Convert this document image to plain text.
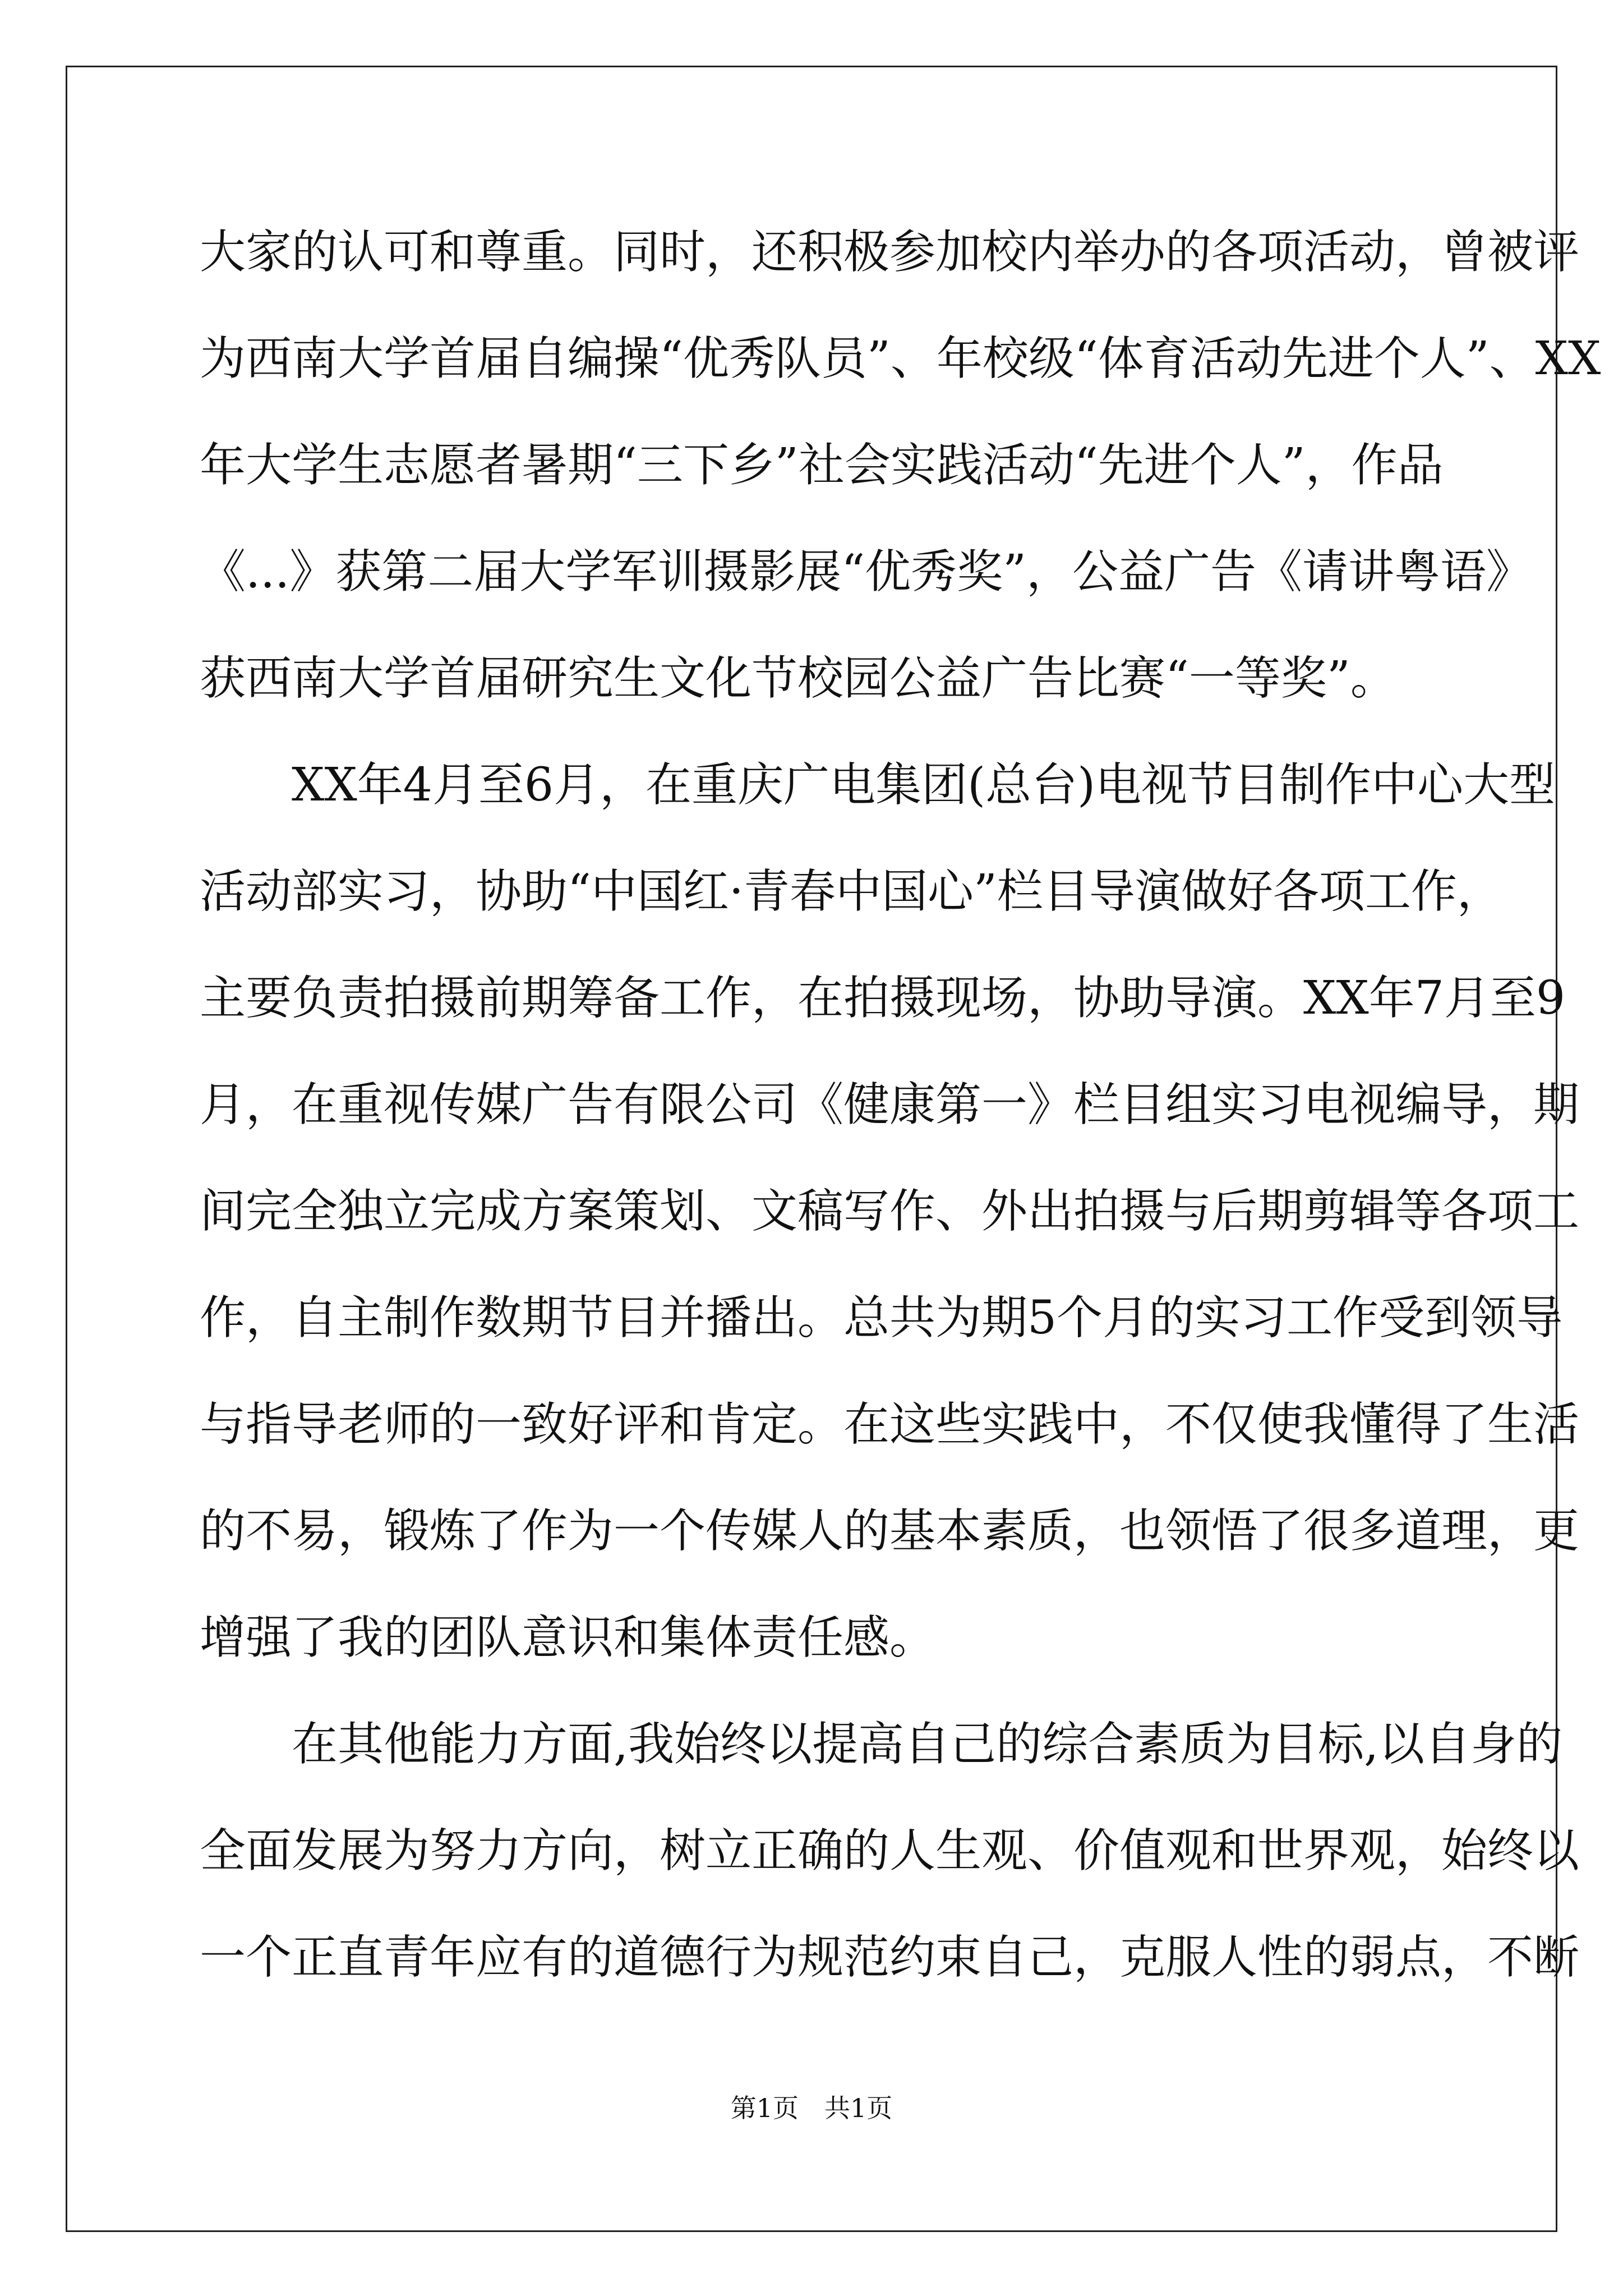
大家的认可和尊重。同时，还积极参加校内举办的各项活动，曾被评
为西南大学首届自编操“优秀队员”、年校级“体育活动先进个人”、XX
年大学生志愿者暑期“三下乡”社会实践活动“先进个人”，作品
《...》获第二届大学军训摄影展“优秀奖”，公益广告《请讲粤语》
获西南大学首届研究生文化节校园公益广告比赛“一等奖”。
　　XX年4月至6月，在重庆广电集团(总台)电视节目制作中心大型
活动部实习，协助“中国红·青春中国心”栏目导演做好各项工作，
主要负责拍摄前期筹备工作，在拍摄现场，协助导演。XX年7月至9
月，在重视传媒广告有限公司《健康第一》栏目组实习电视编导，期
间完全独立完成方案策划、文稿写作、外出拍摄与后期剪辑等各项工
作，自主制作数期节目并播出。总共为期5个月的实习工作受到领导
与指导老师的一致好评和肯定。在这些实践中，不仅使我懂得了生活
的不易，锻炼了作为一个传媒人的基本素质，也领悟了很多道理，更
增强了我的团队意识和集体责任感。
　　在其他能力方面,我始终以提高自己的综合素质为目标,以自身的
全面发展为努力方向，树立正确的人生观、价值观和世界观，始终以
一个正直青年应有的道德行为规范约束自己，克服人性的弱点，不断
第1页　共1页
